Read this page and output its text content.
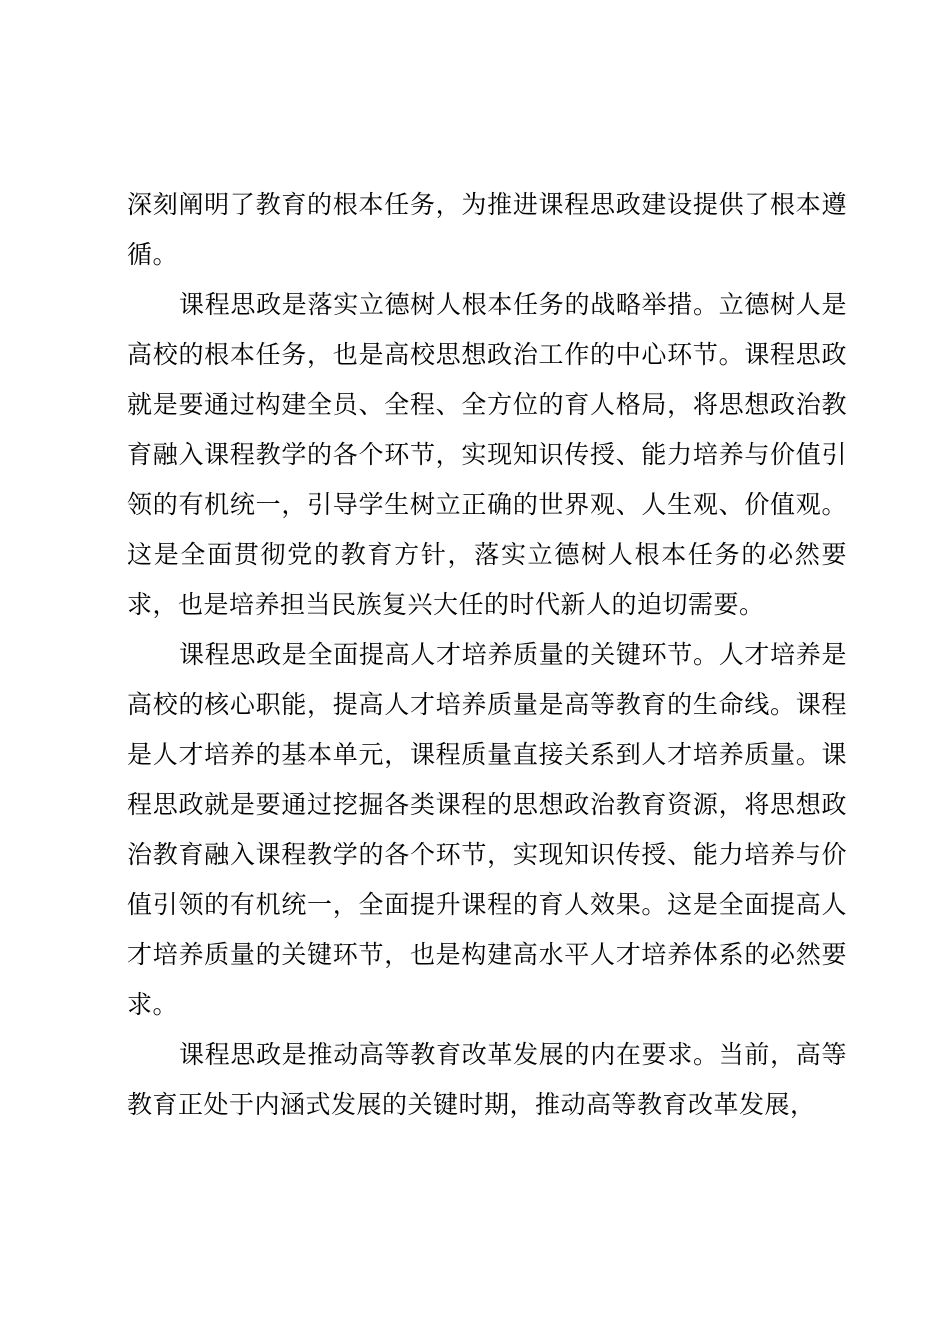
深刻阐明了教育的根本任务，为推进课程思政建设提供了根本遵循。

课程思政是落实立德树人根本任务的战略举措。立德树人是高校的根本任务，也是高校思想政治工作的中心环节。课程思政就是要通过构建全员、全程、全方位的育人格局，将思想政治教育融入课程教学的各个环节，实现知识传授、能力培养与价值引领的有机统一，引导学生树立正确的世界观、人生观、价值观。这是全面贯彻党的教育方针，落实立德树人根本任务的必然要求，也是培养担当民族复兴大任的时代新人的迫切需要。

课程思政是全面提高人才培养质量的关键环节。人才培养是高校的核心职能，提高人才培养质量是高等教育的生命线。课程是人才培养的基本单元，课程质量直接关系到人才培养质量。课程思政就是要通过挖掘各类课程的思想政治教育资源，将思想政治教育融入课程教学的各个环节，实现知识传授、能力培养与价值引领的有机统一，全面提升课程的育人效果。这是全面提高人才培养质量的关键环节，也是构建高水平人才培养体系的必然要求。

课程思政是推动高等教育改革发展的内在要求。当前，高等教育正处于内涵式发展的关键时期，推动高等教育改革发展，
